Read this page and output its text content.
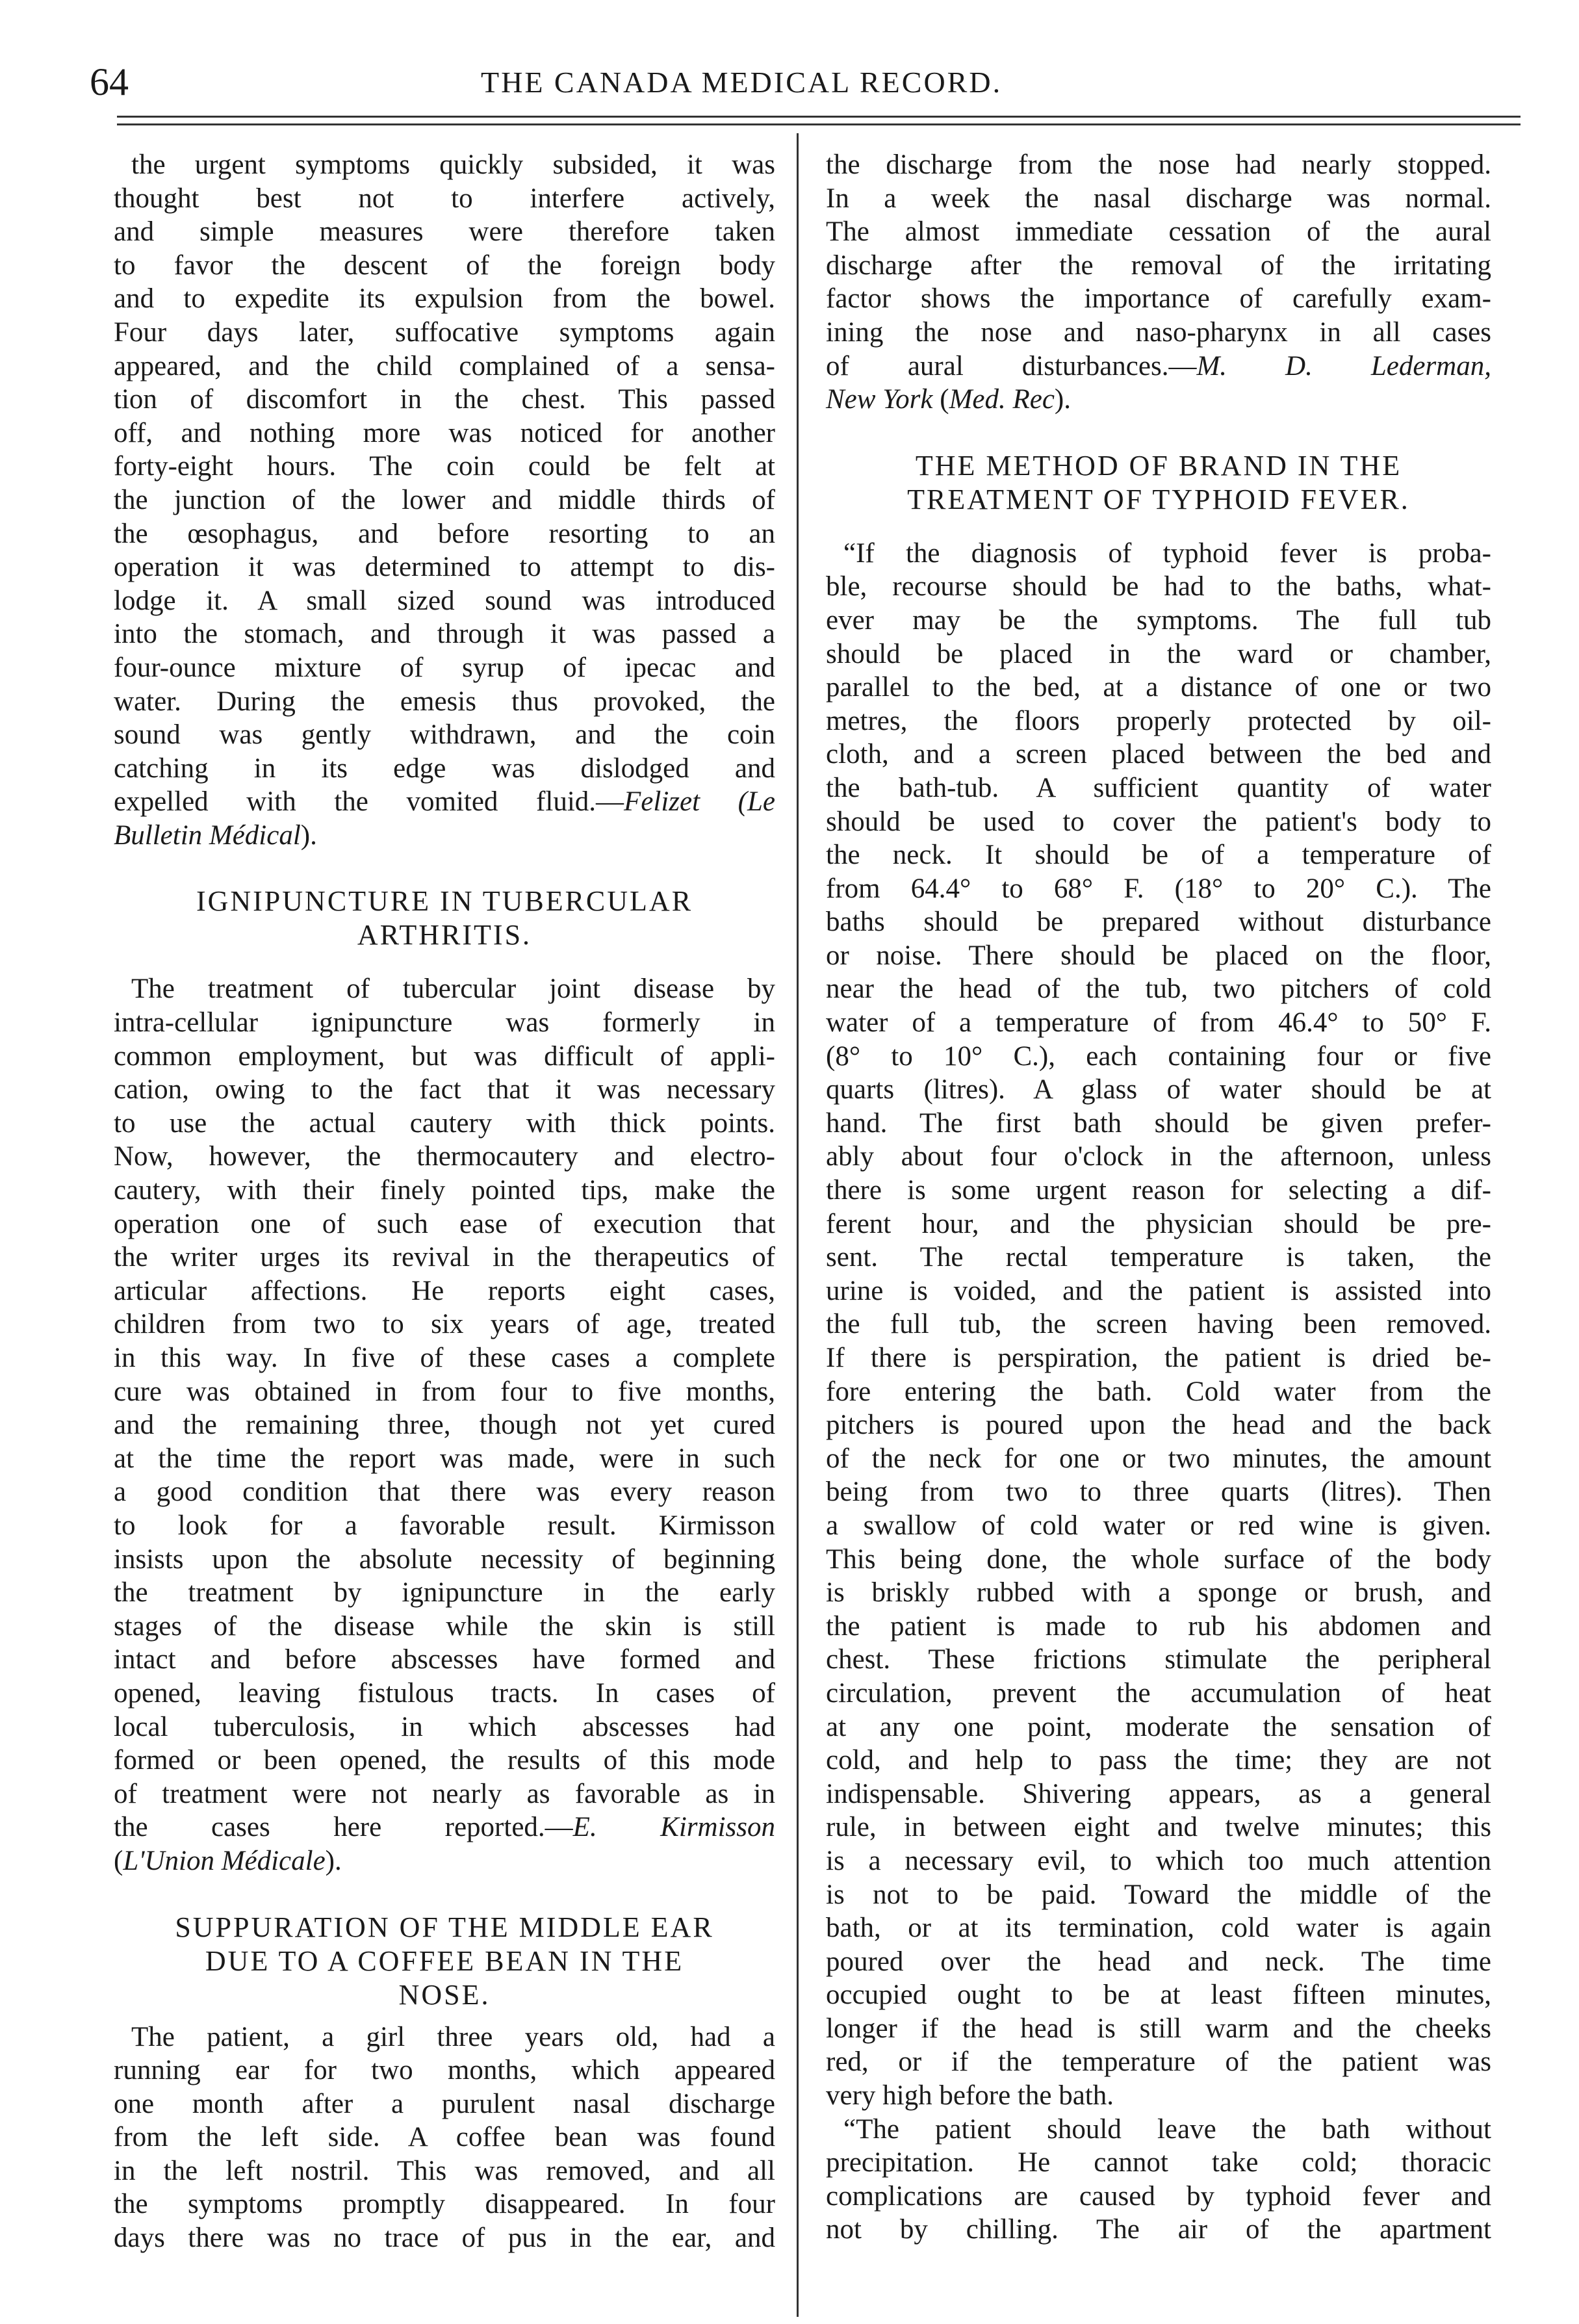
64	THE CANADA MEDICAL RECORD.
the urgent symptoms quickly subsided, it was
thought best not to interfere actively,
and simple measures were therefore taken
to favor the descent of the foreign body
and to expedite its expulsion from the bowel.
Four days later, suffocative symptoms again
appeared, and the child complained of a sensa-
tion of discomfort in the chest. This passed
off, and nothing more was noticed for another
forty-eight hours. The coin could be felt at
the junction of the lower and middle thirds of
the œsophagus, and before resorting to an
operation it was determined to attempt to dis-
lodge it. A small sized sound was introduced
into the stomach, and through it was passed a
four-ounce mixture of syrup of ipecac and
water. During the emesis thus provoked, the
sound was gently withdrawn, and the coin
catching in its edge was dislodged and
expelled with the vomited fluid.—Felizet (Le
Bulletin Médical).
IGNIPUNCTURE IN TUBERCULAR
ARTHRITIS.
The treatment of tubercular joint disease by
intra-cellular ignipuncture was formerly in
common employment, but was difficult of appli-
cation, owing to the fact that it was necessary
to use the actual cautery with thick points.
Now, however, the thermocautery and electro-
cautery, with their finely pointed tips, make the
operation one of such ease of execution that
the writer urges its revival in the therapeutics of
articular affections. He reports eight cases,
children from two to six years of age, treated
in this way. In five of these cases a complete
cure was obtained in from four to five months,
and the remaining three, though not yet cured
at the time the report was made, were in such
a good condition that there was every reason
to look for a favorable result. Kirmisson
insists upon the absolute necessity of beginning
the treatment by ignipuncture in the early
stages of the disease while the skin is still
intact and before abscesses have formed and
opened, leaving fistulous tracts. In cases of
local tuberculosis, in which abscesses had
formed or been opened, the results of this mode
of treatment were not nearly as favorable as in
the cases here reported.—E. Kirmisson
(L'Union Médicale).
SUPPURATION OF THE MIDDLE EAR
DUE TO A COFFEE BEAN IN THE
NOSE.
The patient, a girl three years old, had a
running ear for two months, which appeared
one month after a purulent nasal discharge
from the left side. A coffee bean was found
in the left nostril. This was removed, and all
the symptoms promptly disappeared. In four
days there was no trace of pus in the ear, and
the discharge from the nose had nearly stopped.
In a week the nasal discharge was normal.
The almost immediate cessation of the aural
discharge after the removal of the irritating
factor shows the importance of carefully exam-
ining the nose and naso-pharynx in all cases
of aural disturbances.—M. D. Lederman,
New York (Med. Rec).
THE METHOD OF BRAND IN THE
TREATMENT OF TYPHOID FEVER.
“If the diagnosis of typhoid fever is proba-
ble, recourse should be had to the baths, what-
ever may be the symptoms. The full tub
should be placed in the ward or chamber,
parallel to the bed, at a distance of one or two
metres, the floors properly protected by oil-
cloth, and a screen placed between the bed and
the bath-tub. A sufficient quantity of water
should be used to cover the patient's body to
the neck. It should be of a temperature of
from 64.4° to 68° F. (18° to 20° C.). The
baths should be prepared without disturbance
or noise. There should be placed on the floor,
near the head of the tub, two pitchers of cold
water of a temperature of from 46.4° to 50° F.
(8° to 10° C.), each containing four or five
quarts (litres). A glass of water should be at
hand. The first bath should be given prefer-
ably about four o'clock in the afternoon, unless
there is some urgent reason for selecting a dif-
ferent hour, and the physician should be pre-
sent. The rectal temperature is taken, the
urine is voided, and the patient is assisted into
the full tub, the screen having been removed.
If there is perspiration, the patient is dried be-
fore entering the bath. Cold water from the
pitchers is poured upon the head and the back
of the neck for one or two minutes, the amount
being from two to three quarts (litres). Then
a swallow of cold water or red wine is given.
This being done, the whole surface of the body
is briskly rubbed with a sponge or brush, and
the patient is made to rub his abdomen and
chest. These frictions stimulate the peripheral
circulation, prevent the accumulation of heat
at any one point, moderate the sensation of
cold, and help to pass the time; they are not
indispensable. Shivering appears, as a general
rule, in between eight and twelve minutes; this
is a necessary evil, to which too much attention
is not to be paid. Toward the middle of the
bath, or at its termination, cold water is again
poured over the head and neck. The time
occupied ought to be at least fifteen minutes,
longer if the head is still warm and the cheeks
red, or if the temperature of the patient was
very high before the bath.
“The patient should leave the bath without
precipitation. He cannot take cold; thoracic
complications are caused by typhoid fever and
not by chilling. The air of the apartment
